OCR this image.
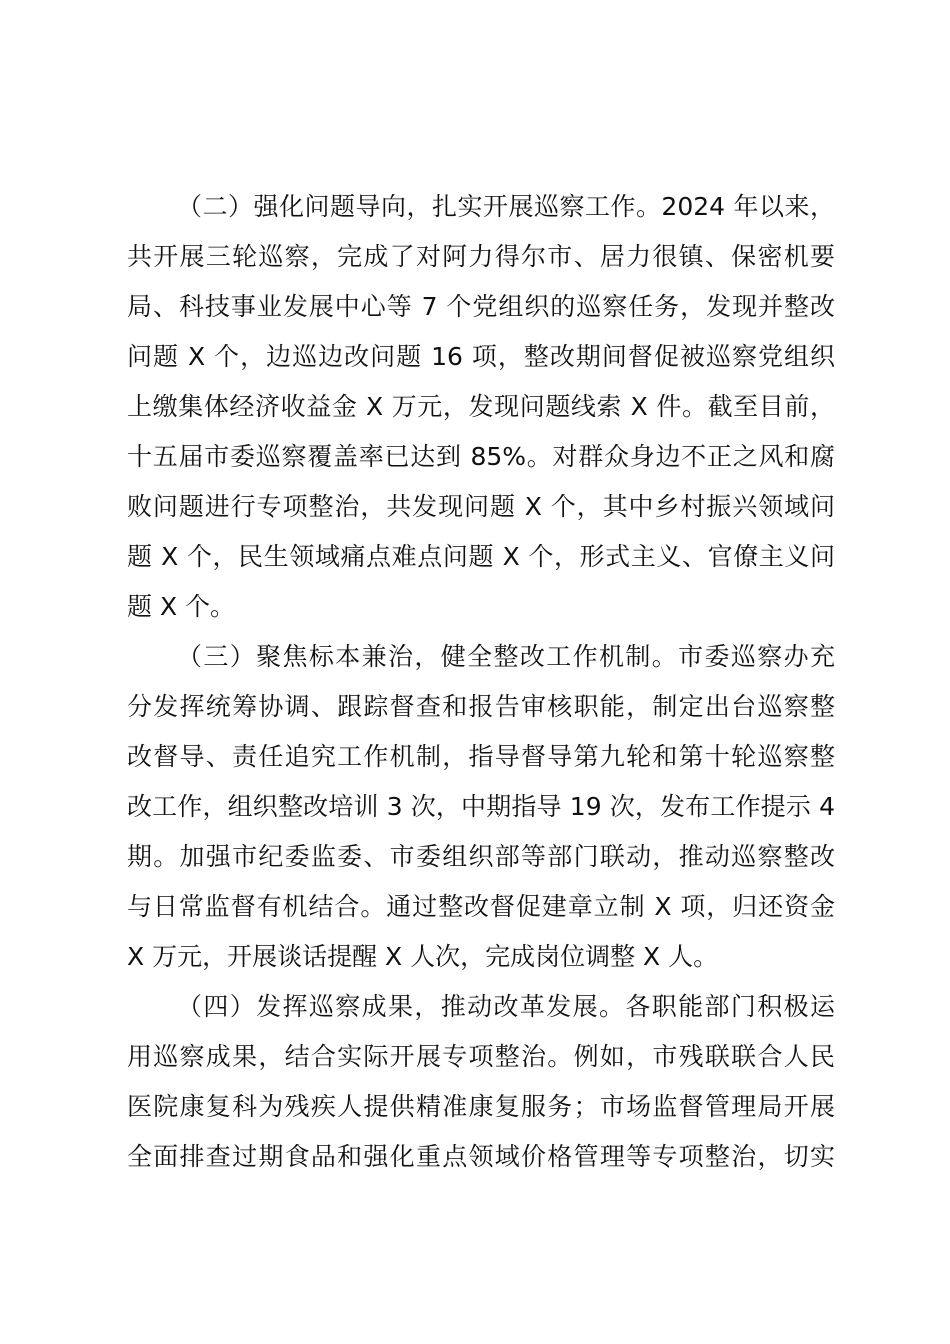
（二）强化问题导向，扎实开展巡察工作。2024 年以来，
共开展三轮巡察，完成了对阿力得尔市、居力很镇、保密机要
局、科技事业发展中心等 7 个党组织的巡察任务，发现并整改
问题 X 个，边巡边改问题 16 项，整改期间督促被巡察党组织
上缴集体经济收益金 X 万元，发现问题线索 X 件。截至目前，
十五届市委巡察覆盖率已达到 85%。对群众身边不正之风和腐
败问题进行专项整治，共发现问题 X 个，其中乡村振兴领域问
题 X 个，民生领域痛点难点问题 X 个，形式主义、官僚主义问
题 X 个。
（三）聚焦标本兼治，健全整改工作机制。市委巡察办充
分发挥统筹协调、跟踪督查和报告审核职能，制定出台巡察整
改督导、责任追究工作机制，指导督导第九轮和第十轮巡察整
改工作，组织整改培训 3 次，中期指导 19 次，发布工作提示 4
期。加强市纪委监委、市委组织部等部门联动，推动巡察整改
与日常监督有机结合。通过整改督促建章立制 X 项，归还资金
X 万元，开展谈话提醒 X 人次，完成岗位调整 X 人。
（四）发挥巡察成果，推动改革发展。各职能部门积极运
用巡察成果，结合实际开展专项整治。例如，市残联联合人民
医院康复科为残疾人提供精准康复服务；市场监督管理局开展
全面排查过期食品和强化重点领域价格管理等专项整治，切实
